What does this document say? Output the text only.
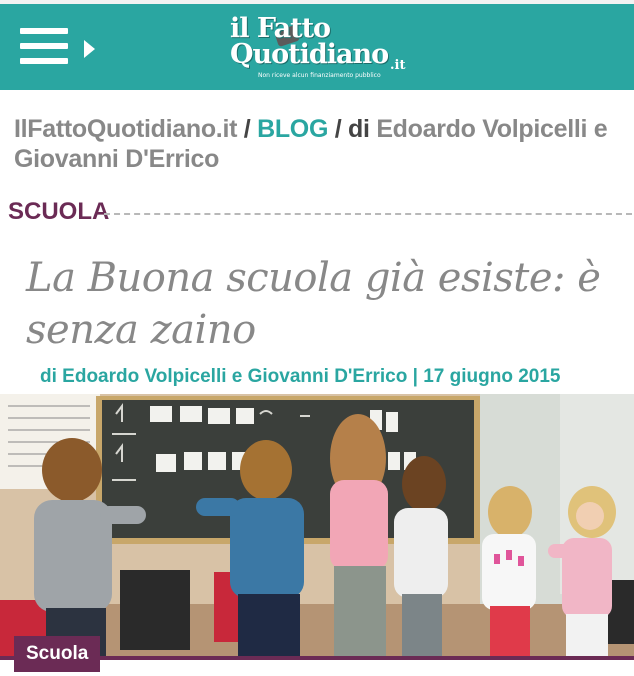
il Fatto
Quotidiano .it
Non riceve alcun finanziamento pubblico
IlFattoQuotidiano.it / BLOG / di Edoardo Volpicelli e Giovanni D'Errico
SCUOLA
La Buona scuola già esiste: è senza zaino
di Edoardo Volpicelli e Giovanni D'Errico | 17 giugno 2015
Scuola
